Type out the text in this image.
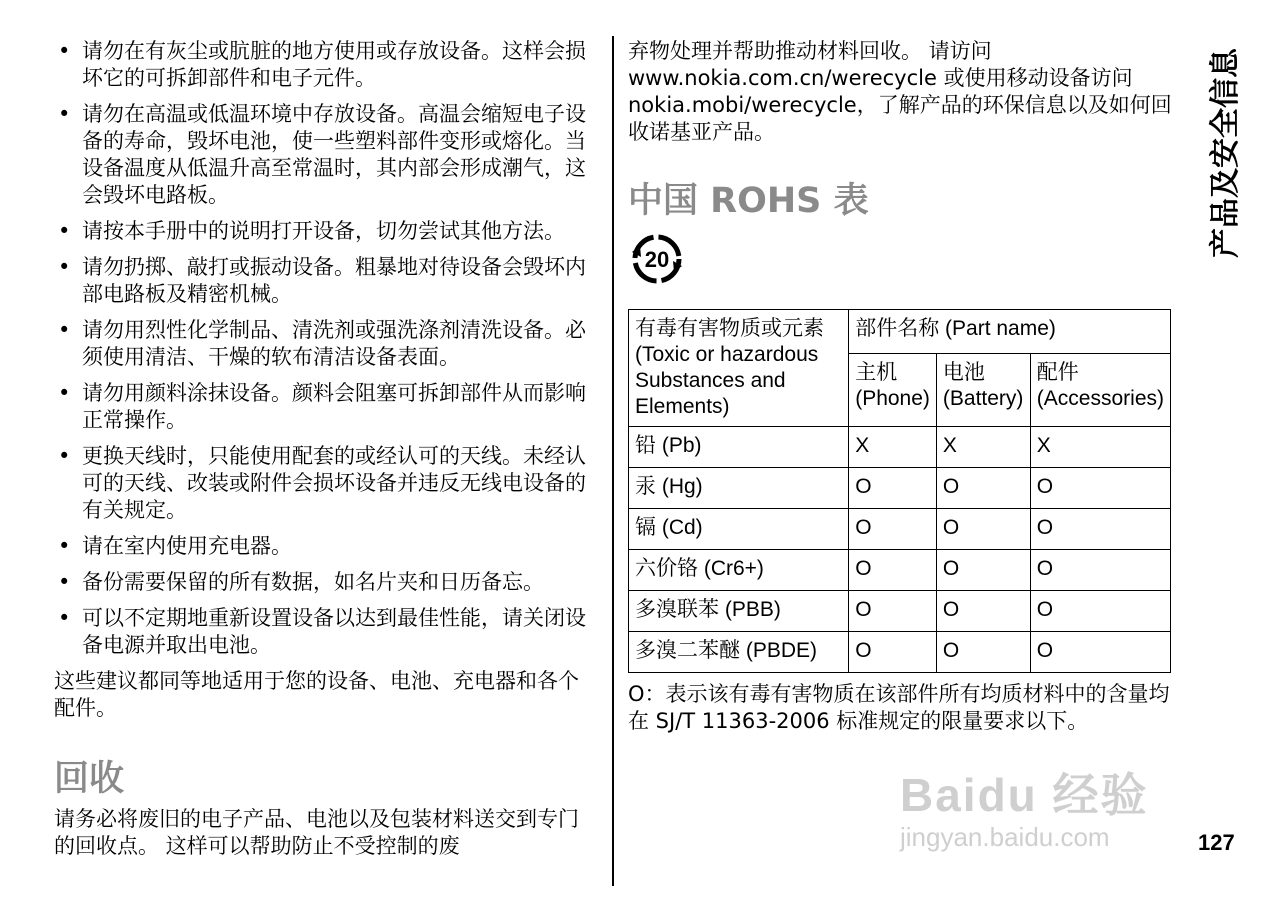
• 请勿在有灰尘或肮脏的地方使用或存放设备。这样会损坏它的可拆卸部件和电子元件。
• 请勿在高温或低温环境中存放设备。高温会缩短电子设备的寿命，毁坏电池，使一些塑料部件变形或熔化。当设备温度从低温升高至常温时，其内部会形成潮气，这会毁坏电路板。
• 请按本手册中的说明打开设备，切勿尝试其他方法。
• 请勿扔掷、敲打或振动设备。粗暴地对待设备会毁坏内部电路板及精密机械。
• 请勿用烈性化学制品、清洗剂或强洗涤剂清洗设备。必须使用清洁、干燥的软布清洁设备表面。
• 请勿用颜料涂抹设备。颜料会阻塞可拆卸部件从而影响正常操作。
• 更换天线时，只能使用配套的或经认可的天线。未经认可的天线、改装或附件会损坏设备并违反无线电设备的有关规定。
• 请在室内使用充电器。
• 备份需要保留的所有数据，如名片夹和日历备忘。
• 可以不定期地重新设置设备以达到最佳性能，请关闭设备电源并取出电池。

这些建议都同等地适用于您的设备、电池、充电器和各个配件。

回收

请务必将废旧的电子产品、电池以及包装材料送交到专门的回收点。 这样可以帮助防止不受控制的废

弃物处理并帮助推动材料回收。 请访问 www.nokia.com.cn/werecycle 或使用移动设备访问 nokia.mobi/werecycle，了解产品的环保信息以及如何回收诺基亚产品。

中国 ROHS 表
20
有毒有害物质或元素 (Toxic or hazardous Substances and Elements)	部件名称 (Part name)		
	主机 (Phone)	电池 (Battery)	配件 (Accessories)
铅 (Pb)	X	X	X
汞 (Hg)	O	O	O
镉 (Cd)	O	O	O
六价铬 (Cr6+)	O	O	O
多溴联苯 (PBB)	O	O	O
多溴二苯醚 (PBDE)	O	O	O

O：表示该有毒有害物质在该部件所有均质材料中的含量均在 SJ/T 11363-2006 标准规定的限量要求以下。

产品及安全信息
127
Baidu 经验
jingyan.baidu.com
